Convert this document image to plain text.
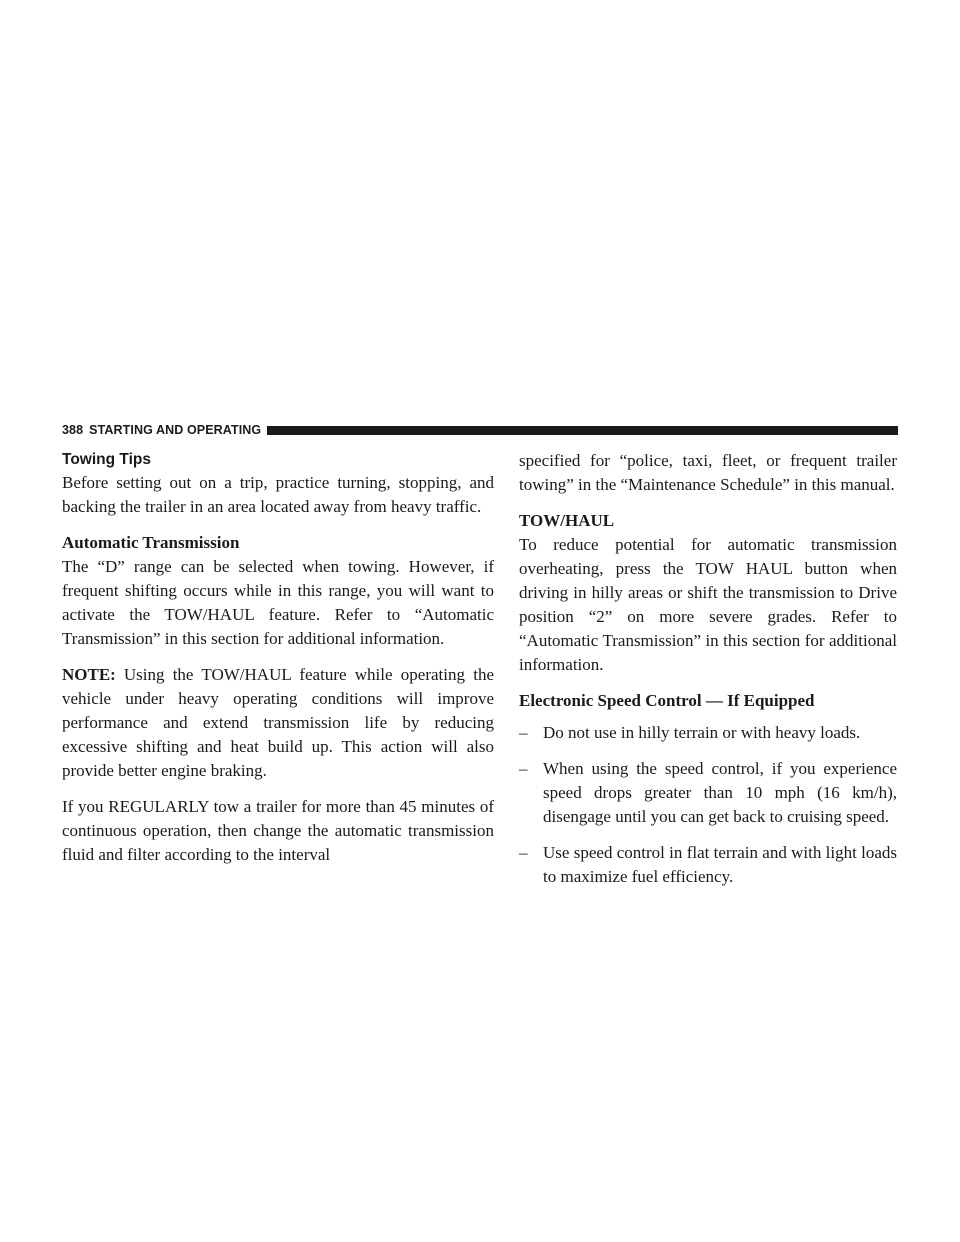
388 STARTING AND OPERATING
Towing Tips

Before setting out on a trip, practice turning, stopping, and backing the trailer in an area located away from heavy traffic.

Automatic Transmission

The “D” range can be selected when towing. However, if frequent shifting occurs while in this range, you will want to activate the TOW/HAUL feature. Refer to “Automatic Transmission” in this section for additional information.

NOTE: Using the TOW/HAUL feature while operating the vehicle under heavy operating conditions will improve performance and extend transmission life by reducing excessive shifting and heat build up. This action will also provide better engine braking.

If you REGULARLY tow a trailer for more than 45 minutes of continuous operation, then change the automatic transmission fluid and filter according to the interval

specified for “police, taxi, fleet, or frequent trailer towing” in the “Maintenance Schedule” in this manual.

TOW/HAUL

To reduce potential for automatic transmission overheating, press the TOW HAUL button when driving in hilly areas or shift the transmission to Drive position “2” on more severe grades. Refer to “Automatic Transmission” in this section for additional information.

Electronic Speed Control — If Equipped
– Do not use in hilly terrain or with heavy loads.
– When using the speed control, if you experience speed drops greater than 10 mph (16 km/h), disengage until you can get back to cruising speed.
– Use speed control in flat terrain and with light loads to maximize fuel efficiency.
